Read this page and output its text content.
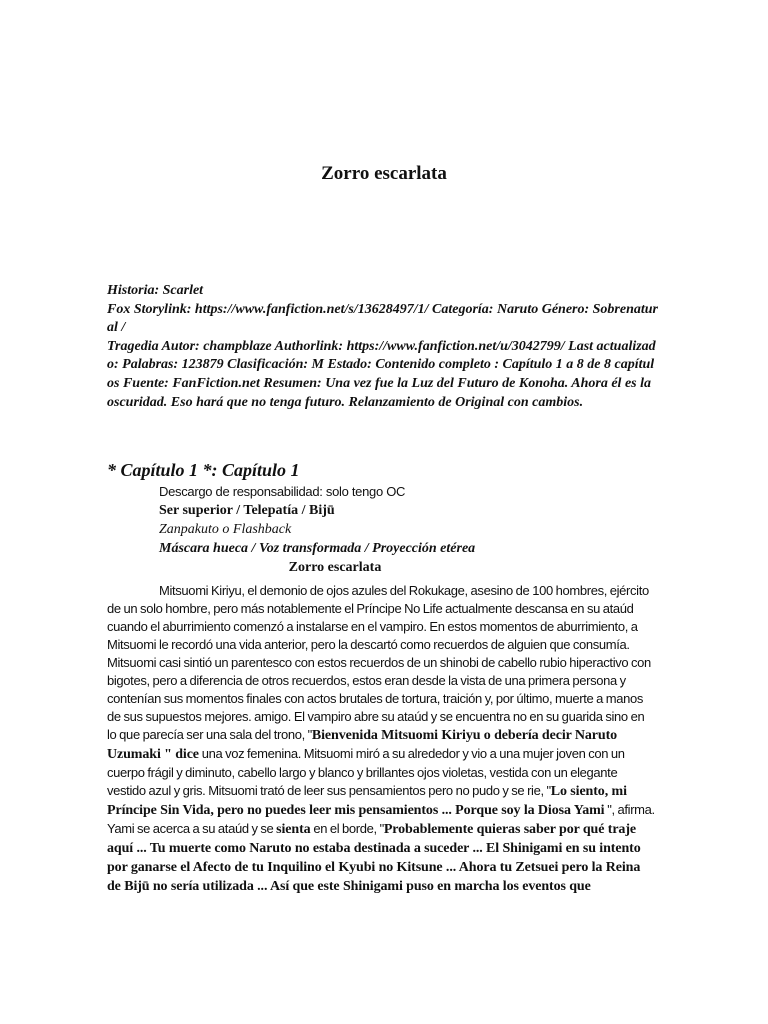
Zorro escarlata

Historia: Scarlet

Fox Storylink: https://www.fanfiction.net/s/13628497/1/ Categoría: Naruto Género: Sobrenatural /

Tragedia Autor: champblaze Authorlink: https://www.fanfiction.net/u/3042799/ Last actualizado: Palabras: 123879 Clasificación: M Estado: Contenido completo : Capítulo 1 a 8 de 8 capítulos Fuente: FanFiction.net Resumen: Una vez fue la Luz del Futuro de Konoha. Ahora él es la oscuridad. Eso hará que no tenga futuro. Relanzamiento de Original con cambios.

* Capítulo 1 *: Capítulo 1
Descargo de responsabilidad: solo tengo OC
Ser superior / Telepatía / Bijū
Zanpakuto o Flashback
Máscara hueca / Voz transformada / Proyección etérea
Zorro escarlata

Mitsuomi Kiriyu, el demonio de ojos azules del Rokukage, asesino de 100 hombres, ejército de un solo hombre, pero más notablemente el Príncipe No Life actualmente descansa en su ataúd cuando el aburrimiento comenzó a instalarse en el vampiro. En estos momentos de aburrimiento, a Mitsuomi le recordó una vida anterior, pero la descartó como recuerdos de alguien que consumía. Mitsuomi casi sintió un parentesco con estos recuerdos de un shinobi de cabello rubio hiperactivo con bigotes, pero a diferencia de otros recuerdos, estos eran desde la vista de una primera persona y contenían sus momentos finales con actos brutales de tortura, traición y, por último, muerte a manos de sus supuestos mejores. amigo. El vampiro abre su ataúd y se encuentra no en su guarida sino en lo que parecía ser una sala del trono, "Bienvenida Mitsuomi Kiriyu o debería decir Naruto Uzumaki " dice una voz femenina. Mitsuomi miró a su alrededor y vio a una mujer joven con un cuerpo frágil y diminuto, cabello largo y blanco y brillantes ojos violetas, vestida con un elegante vestido azul y gris. Mitsuomi trató de leer sus pensamientos pero no pudo y se rie, "Lo siento, mi Príncipe Sin Vida, pero no puedes leer mis pensamientos ... Porque soy la Diosa Yami ", afirma. Yami se acerca a su ataúd y se sienta en el borde, "Probablemente quieras saber por qué traje aquí ... Tu muerte como Naruto no estaba destinada a suceder ... El Shinigami en su intento por ganarse el Afecto de tu Inquilino el Kyubi no Kitsune ... Ahora tu Zetsuei pero la Reina de Bijū no sería utilizada ... Así que este Shinigami puso en marcha los eventos que
